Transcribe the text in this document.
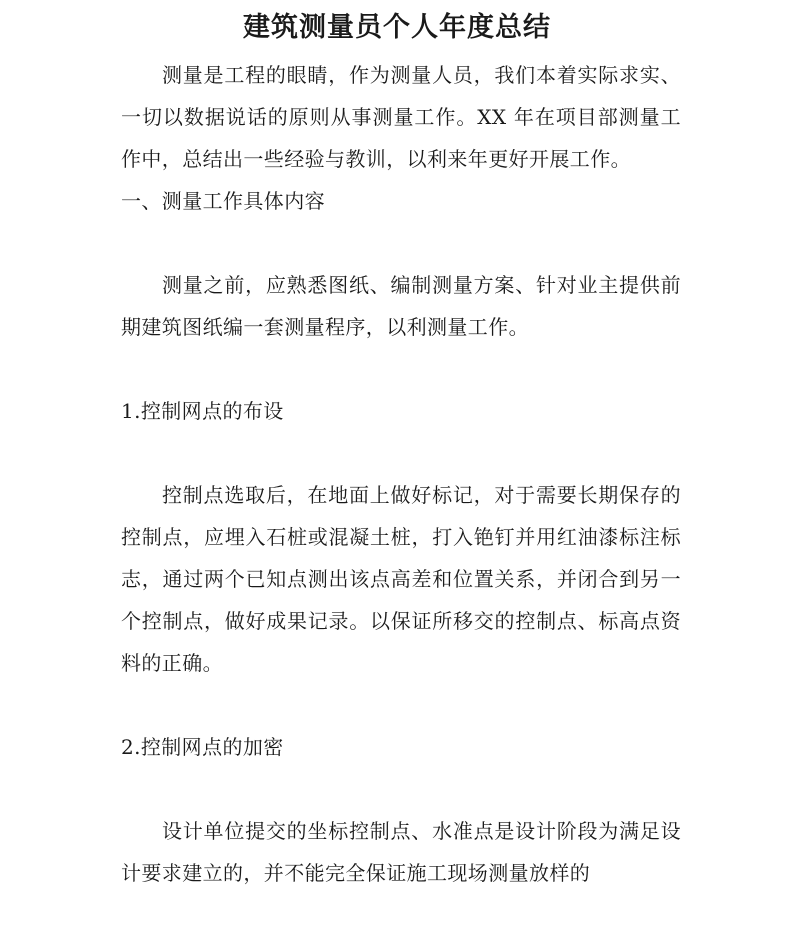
建筑测量员个人年度总结

测量是工程的眼睛，作为测量人员，我们本着实际求实、一切以数据说话的原则从事测量工作。XX 年在项目部测量工作中，总结出一些经验与教训，以利来年更好开展工作。

一、测量工作具体内容

测量之前，应熟悉图纸、编制测量方案、针对业主提供前期建筑图纸编一套测量程序，以利测量工作。

1.控制网点的布设

控制点选取后，在地面上做好标记，对于需要长期保存的控制点，应埋入石桩或混凝土桩，打入铯钉并用红油漆标注标志，通过两个已知点测出该点高差和位置关系，并闭合到另一个控制点，做好成果记录。以保证所移交的控制点、标高点资料的正确。

2.控制网点的加密

设计单位提交的坐标控制点、水准点是设计阶段为满足设计要求建立的，并不能完全保证施工现场测量放样的
